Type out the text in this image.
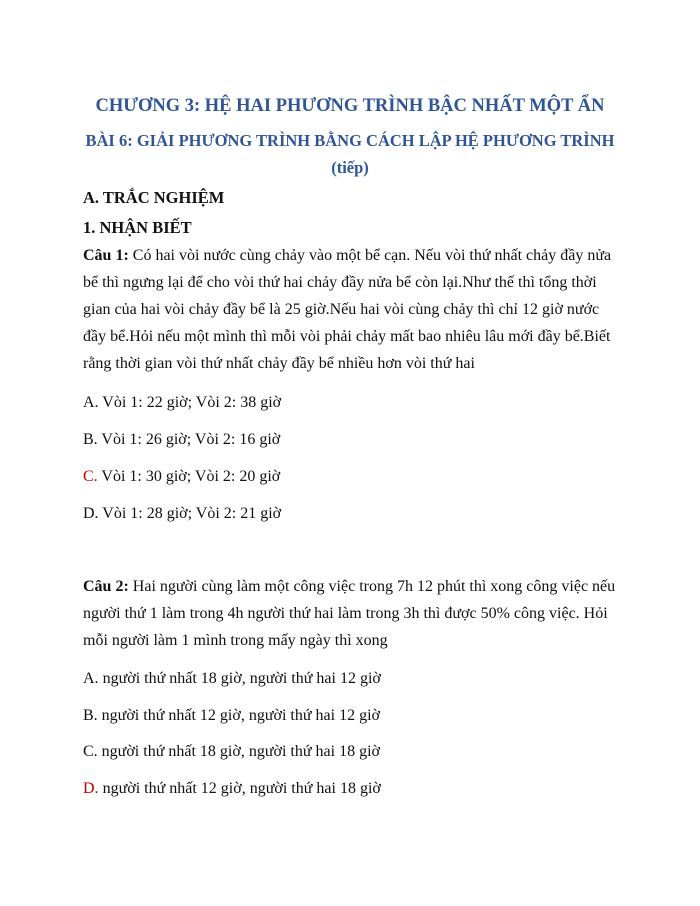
CHƯƠNG 3: HỆ HAI PHƯƠNG TRÌNH BẬC NHẤT MỘT ẨN
BÀI 6: GIẢI PHƯƠNG TRÌNH BẰNG CÁCH LẬP HỆ PHƯƠNG TRÌNH
(tiếp)
A. TRẮC NGHIỆM
1. NHẬN BIẾT
Câu 1: Có hai vòi nước cùng chảy vào một bể cạn. Nếu vòi thứ nhất chảy đầy nửa bể thì ngưng lại để cho vòi thứ hai chảy đầy nửa bể còn lại.Như thế thì tổng thời gian của hai vòi chảy đầy bể là 25 giờ.Nếu hai vòi cùng chảy thì chỉ 12 giờ nước đầy bể.Hỏi nếu một mình thì mỗi vòi phải chảy mất bao nhiêu lâu mới đầy bể.Biết rằng thời gian vòi thứ nhất chảy đầy bể nhiều hơn vòi thứ hai
A. Vòi 1: 22 giờ; Vòi 2: 38 giờ
B. Vòi 1: 26 giờ; Vòi 2: 16 giờ
C. Vòi 1: 30 giờ; Vòi 2: 20 giờ
D. Vòi 1: 28 giờ; Vòi 2: 21 giờ
Câu 2: Hai người cùng làm một công việc trong 7h 12 phút thì xong công việc nếu người thứ 1 làm trong 4h người thứ hai làm trong 3h thì được 50% công việc. Hỏi mỗi người làm 1 mình trong mấy ngày thì xong
A. người thứ nhất 18 giờ, người thứ hai 12 giờ
B. người thứ nhất 12 giờ, người thứ hai 12 giờ
C. người thứ nhất 18 giờ, người thứ hai 18 giờ
D. người thứ nhất 12 giờ, người thứ hai 18 giờ
